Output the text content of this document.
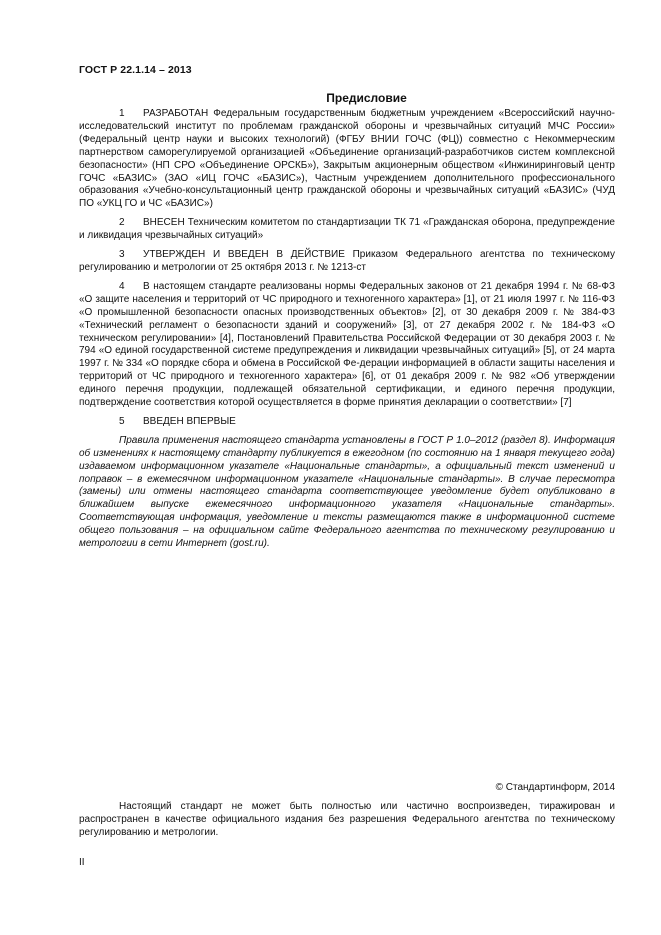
ГОСТ Р 22.1.14 – 2013
Предисловие

1 РАЗРАБОТАН Федеральным государственным бюджетным учреждением «Всероссийский научно-исследовательский институт по проблемам гражданской обороны и чрезвычайных ситуаций МЧС России» (Федеральный центр науки и высоких технологий) (ФГБУ ВНИИ ГОЧС (ФЦ)) совместно с Некоммерческим партнерством саморегулируемой организацией «Объединение организаций-разработчиков систем комплексной безопасности» (НП СРО «Объединение ОРСКБ»), Закрытым акционерным обществом «Инжиниринговый центр ГОЧС «БАЗИС» (ЗАО «ИЦ ГОЧС «БАЗИС»), Частным учреждением дополнительного профессионального образования «Учебно-консультационный центр гражданской обороны и чрезвычайных ситуаций «БАЗИС» (ЧУД ПО «УКЦ ГО и ЧС «БАЗИС»)

2 ВНЕСЕН Техническим комитетом по стандартизации ТК 71 «Гражданская оборона, предупреждение и ликвидация чрезвычайных ситуаций»

3 УТВЕРЖДЕН И ВВЕДЕН В ДЕЙСТВИЕ Приказом Федерального агентства по техническому регулированию и метрологии от 25 октября 2013 г. № 1213-ст

4 В настоящем стандарте реализованы нормы Федеральных законов от 21 декабря 1994 г. № 68-ФЗ «О защите населения и территорий от ЧС природного и техногенного характера» [1], от 21 июля 1997 г. № 116-ФЗ «О промышленной безопасности опасных производственных объектов» [2], от 30 декабря 2009 г. № 384-ФЗ «Технический регламент о безопасности зданий и сооружений» [3], от 27 декабря 2002 г. № 184-ФЗ «О техническом регулировании» [4], Постановлений Правительства Российской Федерации от 30 декабря 2003 г. № 794 «О единой государственной системе предупреждения и ликвидации чрезвычайных ситуаций» [5], от 24 марта 1997 г. № 334 «О порядке сбора и обмена в Российской Фе-дерации информацией в области защиты населения и территорий от ЧС природного и техногенного характера» [6], от 01 декабря 2009 г. № 982 «Об утверждении единого перечня продукции, подлежащей обязательной сертификации, и единого перечня продукции, подтверждение соответствия которой осуществляется в форме принятия декларации о соответствии» [7]

5 ВВЕДЕН ВПЕРВЫЕ

Правила применения настоящего стандарта установлены в ГОСТ Р 1.0–2012 (раздел 8). Информация об изменениях к настоящему стандарту публикуется в ежегодном (по состоянию на 1 января текущего года) издаваемом информационном указателе «Национальные стандарты», а официальный текст изменений и поправок – в ежемесячном информационном указателе «Национальные стандарты». В случае пересмотра (замены) или отмены настоящего стандарта соответствующее уведомление будет опубликовано в ближайшем выпуске ежемесячного информационного указателя «Национальные стандарты». Соответствующая информация, уведомление и тексты размещаются также в информационной системе общего пользования – на официальном сайте Федерального агентства по техническому регулированию и метрологии в сети Интернет (gost.ru).

© Стандартинформ, 2014

Настоящий стандарт не может быть полностью или частично воспроизведен, тиражирован и распространен в качестве официального издания без разрешения Федерального агентства по техническому регулированию и метрологии.

II
